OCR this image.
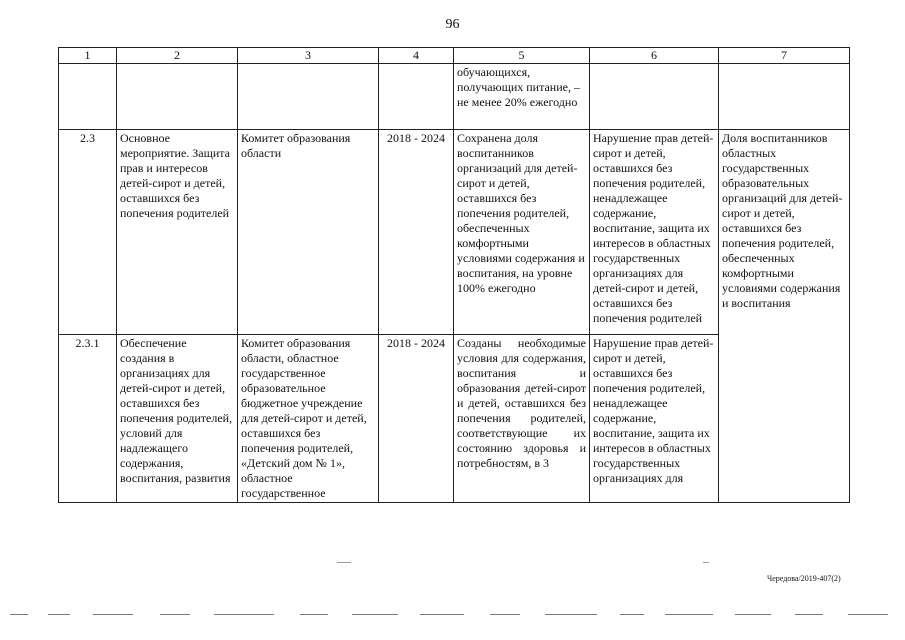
96
1	2	3	4	5	6	7
				обучающихся, получающих питание, – не менее 20% ежегодно		
2.3	Основное мероприятие. Защита прав и интересов детей-сирот и детей, оставшихся без попечения родителей	Комитет образования области	2018 - 2024	Сохранена доля воспитанников организаций для детей-сирот и детей, оставшихся без попечения родителей, обеспеченных комфортными условиями содержания и воспитания, на уровне 100% ежегодно	Нарушение прав детей-сирот и детей, оставшихся без попечения родителей, ненадлежащее содержание, воспитание, защита их интересов в областных государственных организациях для детей-сирот и детей, оставшихся без попечения родителей	Доля воспитанников областных государственных образовательных организаций для детей-сирот и детей, оставшихся без попечения родителей, обеспеченных комфортными условиями содержания и воспитания
2.3.1	Обеспечение создания в организациях для детей-сирот и детей, оставшихся без попечения родителей, условий для надлежащего содержания, воспитания, развития	Комитет образования области, областное государственное образовательное бюджетное учреждение для детей-сирот и детей, оставшихся без попечения родителей, «Детский дом № 1», областное государственное	2018 - 2024	Созданы необходимые условия для содержания, воспитания и образования детей-сирот и детей, оставшихся без попечения родителей, соответствующие их состоянию здоровья и потребностям, в 3	Нарушение прав детей-сирот и детей, оставшихся без попечения родителей, ненадлежащее содержание, воспитание, защита их интересов в областных государственных организациях для	
Чередова/2019-407(2)
